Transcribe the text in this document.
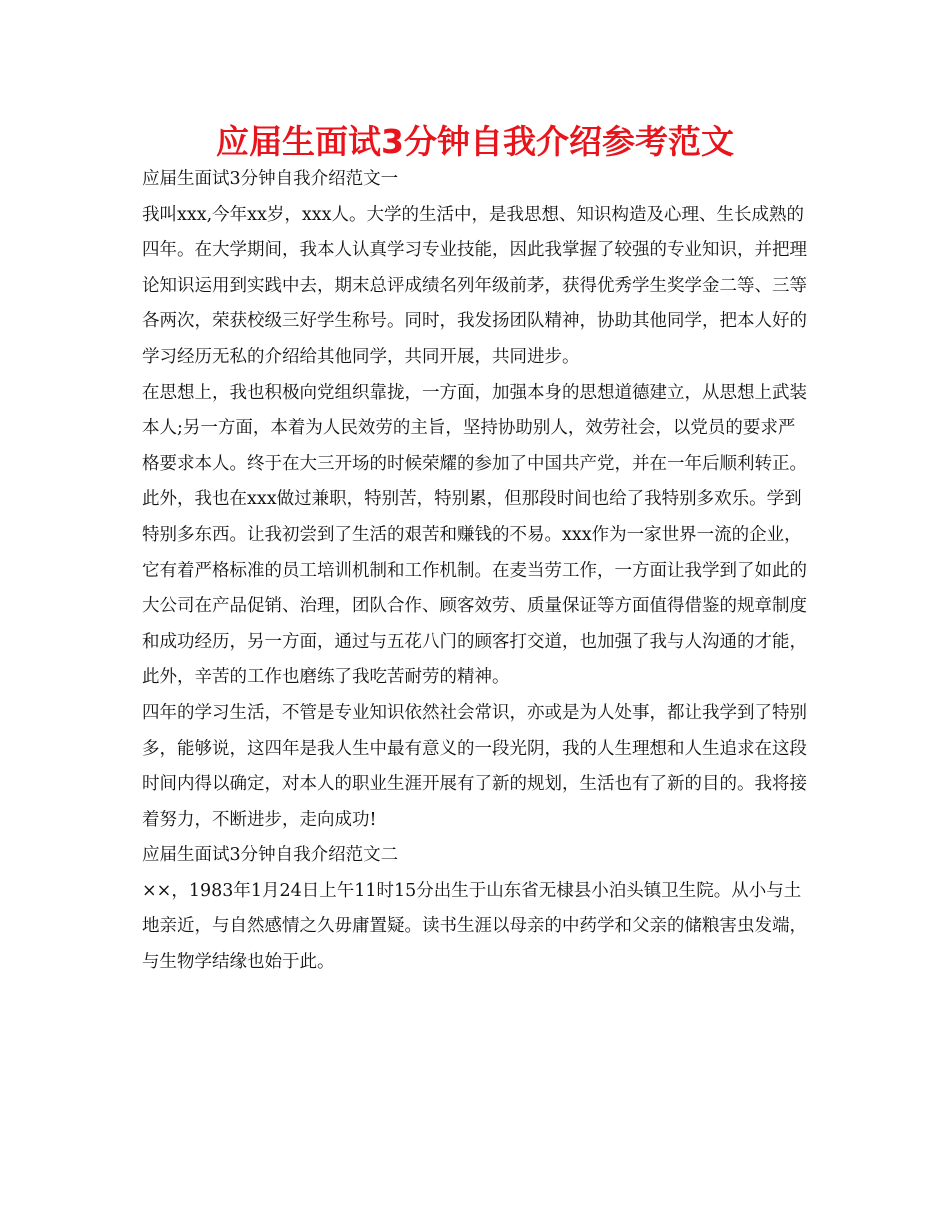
应届生面试3分钟自我介绍参考范文

应届生面试3分钟自我介绍范文一

我叫xxx,今年xx岁，xxx人。大学的生活中，是我思想、知识构造及心理、生长成熟的四年。在大学期间，我本人认真学习专业技能，因此我掌握了较强的专业知识，并把理论知识运用到实践中去，期末总评成绩名列年级前茅，获得优秀学生奖学金二等、三等各两次，荣获校级三好学生称号。同时，我发扬团队精神，协助其他同学，把本人好的学习经历无私的介绍给其他同学，共同开展，共同进步。

在思想上，我也积极向党组织靠拢，一方面，加强本身的思想道德建立，从思想上武装本人;另一方面，本着为人民效劳的主旨，坚持协助别人，效劳社会，以党员的要求严格要求本人。终于在大三开场的时候荣耀的参加了中国共产党，并在一年后顺利转正。

此外，我也在xxx做过兼职，特别苦，特别累，但那段时间也给了我特别多欢乐。学到特别多东西。让我初尝到了生活的艰苦和赚钱的不易。xxx作为一家世界一流的企业，它有着严格标准的员工培训机制和工作机制。在麦当劳工作，一方面让我学到了如此的大公司在产品促销、治理，团队合作、顾客效劳、质量保证等方面值得借鉴的规章制度和成功经历，另一方面，通过与五花八门的顾客打交道，也加强了我与人沟通的才能，此外，辛苦的工作也磨练了我吃苦耐劳的精神。

四年的学习生活，不管是专业知识依然社会常识，亦或是为人处事，都让我学到了特别多，能够说，这四年是我人生中最有意义的一段光阴，我的人生理想和人生追求在这段时间内得以确定，对本人的职业生涯开展有了新的规划，生活也有了新的目的。我将接着努力，不断进步，走向成功!

应届生面试3分钟自我介绍范文二

××，1983年1月24日上午11时15分出生于山东省无棣县小泊头镇卫生院。从小与土地亲近，与自然感情之久毋庸置疑。读书生涯以母亲的中药学和父亲的储粮害虫发端，与生物学结缘也始于此。
